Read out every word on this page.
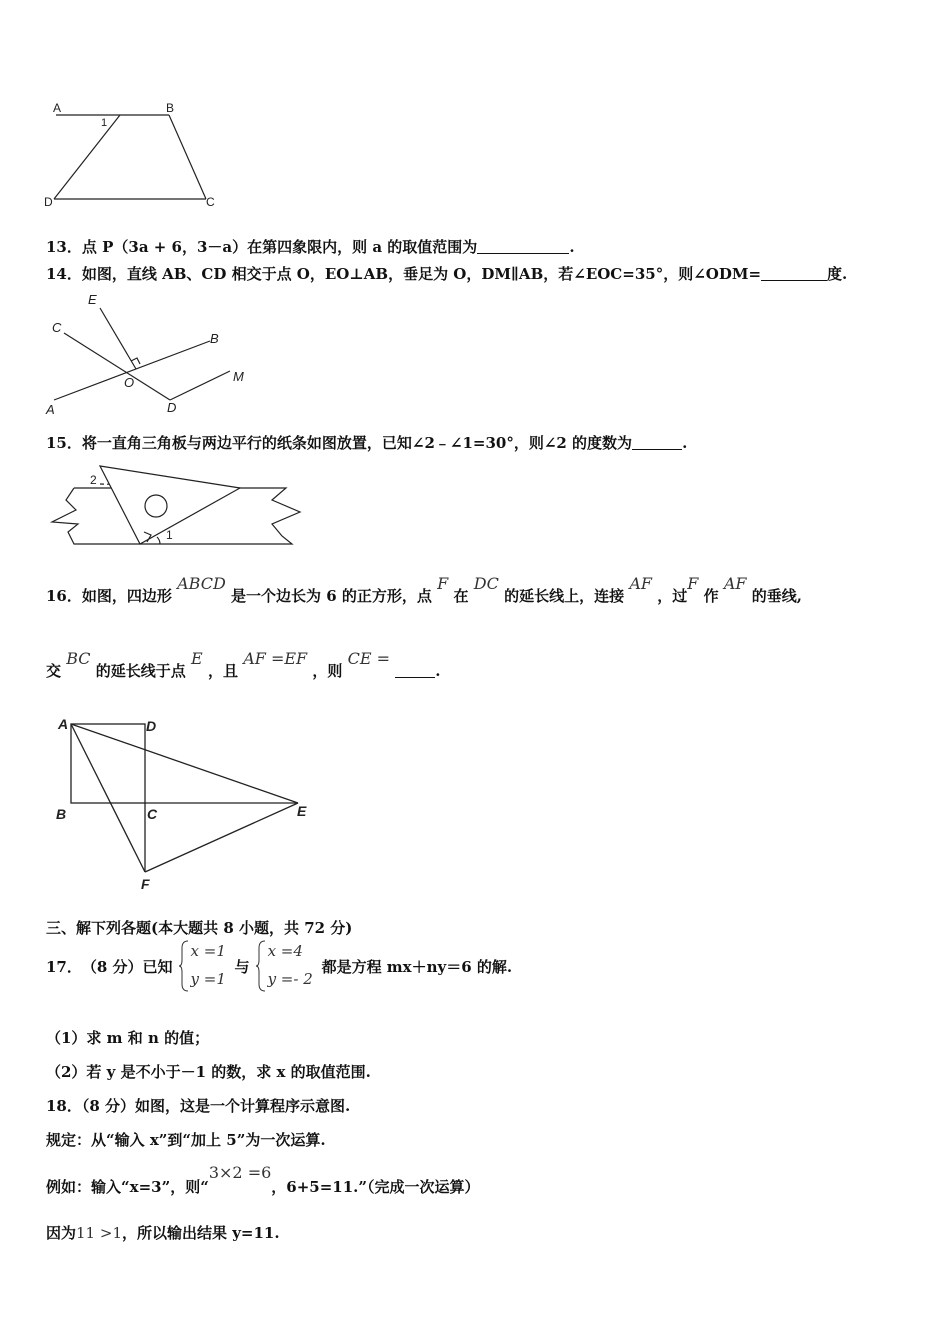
A	B
D	C
1
13．点 P（3a + 6，3－a）在第四象限内，则 a 的取值范围为	.
14．如图，直线 AB、CD 相交于点 O，EO⊥AB，垂足为 O，DM∥AB，若∠EOC=35°，则∠ODM=	度.
E
C
B
O	M
A	D
15．将一直角三角板与两边平行的纸条如图放置，已知∠2﹣∠1=30°，则∠2 的度数为	.
2
1
16．如图，四边形 ABCD 是一个边长为 6 的正方形，点 F 在 DC 的延长线上，连接 AF ，过F 作 AF 的垂线,
交 BC 的延长线于点 E ，且 AF =EF ，则 CE = .
A	D
B	C	E
F
三、解下列各题(本大题共 8 小题，共 72 分)
17． （8 分）已知
x =1
y =1
与
x =4
y =- 2
都是方程 mx＋ny＝6 的解.
（1）求 m 和 n 的值；
（2）若 y 是不小于－1 的数，求 x 的取值范围.
18．（8 分）如图，这是一个计算程序示意图.
规定：从“输入 x”到“加上 5”为一次运算.
例如：输入“x=3”，则“3×2 =6，6+5=11.”（完成一次运算）
因为11 >1，所以输出结果 y=11.
